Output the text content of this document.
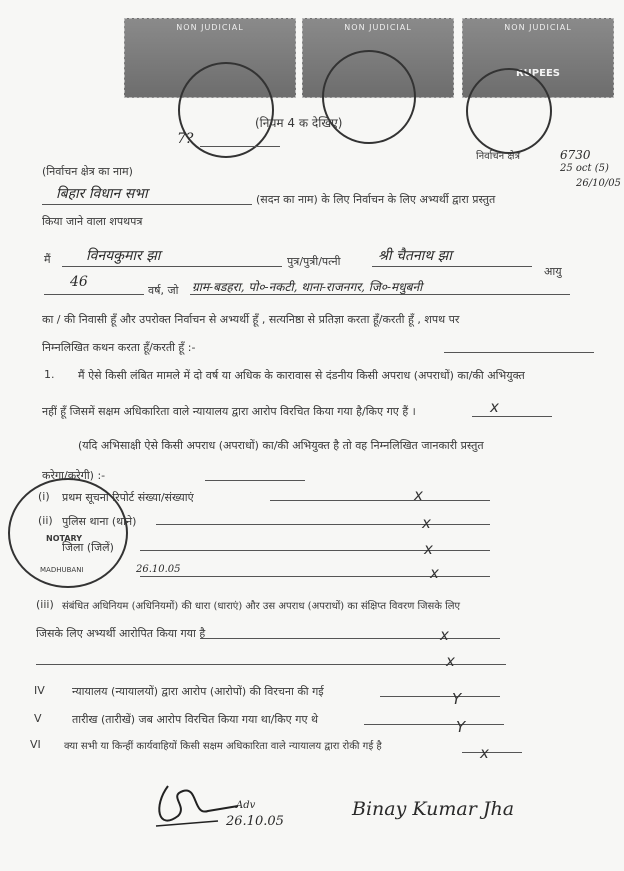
NON JUDICIAL	NON JUDICIAL	NON JUDICIAL
RUPEES
(नियम 4 क देखिए)
7?
निर्वाचन क्षेत्र	6730
25 oct (5)
26/10/05
(निर्वाचन क्षेत्र का नाम)
बिहार विधान सभा	(सदन का नाम) के लिए निर्वाचन के लिए अभ्यर्थी द्वारा प्रस्तुत
किया जाने वाला शपथपत्र
मैं	विनयकुमार झा	पुत्र/पुत्री/पत्नी	श्री चैतनाथ झा
आयु
46
वर्ष, जो ग्राम-बडहरा, पो०-नकटी, थाना-राजनगर, जि०-मधुबनी
का / की निवासी हूँ और उपरोक्त निर्वाचन से अभ्यर्थी हूँ , सत्यनिष्ठा से प्रतिज्ञा करता हूँ/करती हूँ , शपथ पर
निम्नलिखित कथन करता हूँ/करती हूँ :-
1. मैं ऐसे किसी लंबित मामले में दो वर्ष या अधिक के कारावास से दंडनीय किसी अपराध (अपराधों) का/की अभियुक्त
नहीं हूँ जिसमें सक्षम अधिकारिता वाले न्यायालय द्वारा आरोप विरचित किया गया है/किए गए हैं ।	x
(यदि अभिसाक्षी ऐसे किसी अपराध (अपराधों) का/की अभियुक्त है तो वह निम्नलिखित जानकारी प्रस्तुत
करेगा/करेगी) :-
NOTARY
MADHUBANI	26.10.05
(i) प्रथम सूचना रिपोर्ट संख्या/संख्याएं	x
(ii) पुलिस थाना (थाने)	x
जिला (जिलें)	x
x
(iii) संबंधित अधिनियम (अधिनियमों) की धारा (धाराएं) और उस अपराध (अपराधों) का संक्षिप्त विवरण जिसके लिए
जिसके लिए अभ्यर्थी आरोपित किया गया है	x
x
IV न्यायालय (न्यायालयों) द्वारा आरोप (आरोपों) की विरचना की गई	Y
V	तारीख (तारीखें) जब आरोप विरचित किया गया था/किए गए थे	Y
VI क्या सभी या किन्हीं कार्यवाहियों किसी सक्षम अधिकारिता वाले न्यायालय द्वारा रोकी गई है	x
Adv
26.10.05
Binay Kumar Jha
